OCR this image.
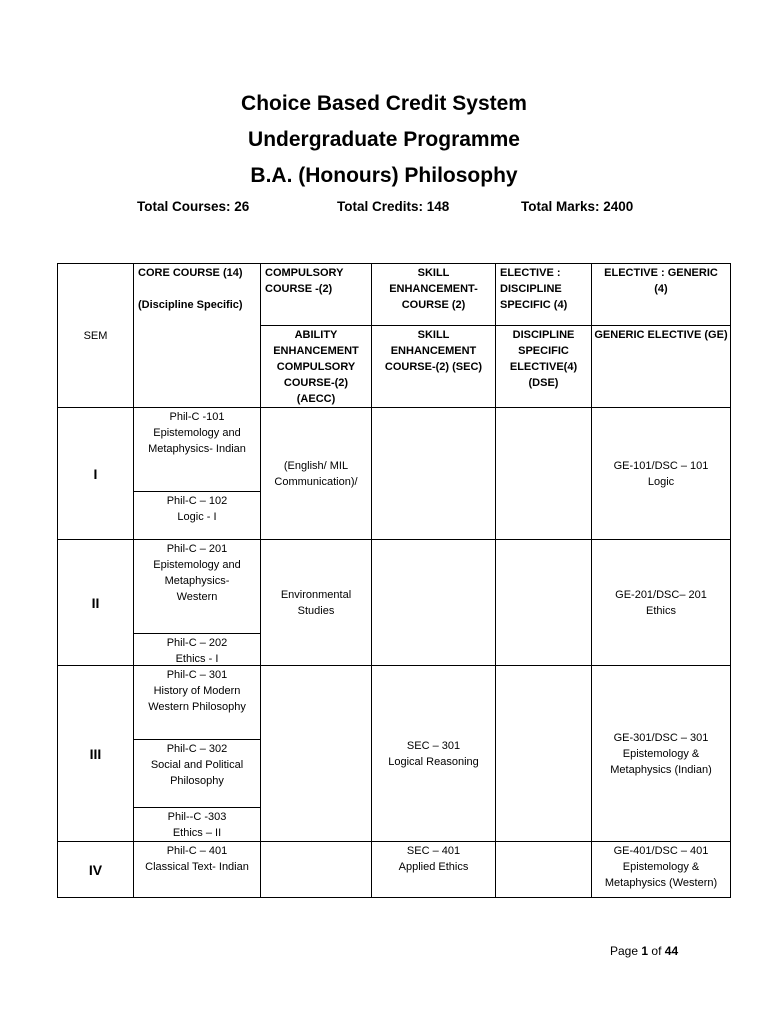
Choice Based Credit System
Undergraduate Programme
B.A. (Honours) Philosophy
Total Courses: 26	Total Credits: 148	Total Marks: 2400
SEM
CORE COURSE (14)
(Discipline Specific)
COMPULSORY
COURSE -(2)
SKILL
ENHANCEMENT-
COURSE (2)
ELECTIVE :
DISCIPLINE
SPECIFIC (4)
ELECTIVE : GENERIC
(4)
ABILITY
ENHANCEMENT
COMPULSORY
COURSE-(2)
(AECC)
SKILL
ENHANCEMENT
COURSE-(2) (SEC)
DISCIPLINE
SPECIFIC
ELECTIVE(4)
(DSE)
GENERIC ELECTIVE (GE)
I
Phil-C -101
Epistemology and
Metaphysics- Indian
Phil-C – 102
Logic - I
(English/ MIL
Communication)/
GE-101/DSC – 101
Logic
II
Phil-C – 201
Epistemology and
Metaphysics-
Western
Phil-C – 202
Ethics - I
Environmental
Studies
GE-201/DSC– 201
Ethics
III
Phil-C – 301
History of Modern
Western Philosophy
Phil-C – 302
Social and Political
Philosophy
Phil--C -303
Ethics – II
SEC – 301
Logical Reasoning
GE-301/DSC – 301
Epistemology &
Metaphysics (Indian)
IV
Phil-C – 401
Classical Text- Indian
SEC – 401
Applied Ethics
GE-401/DSC – 401
Epistemology &
Metaphysics (Western)
Page 1 of 44
